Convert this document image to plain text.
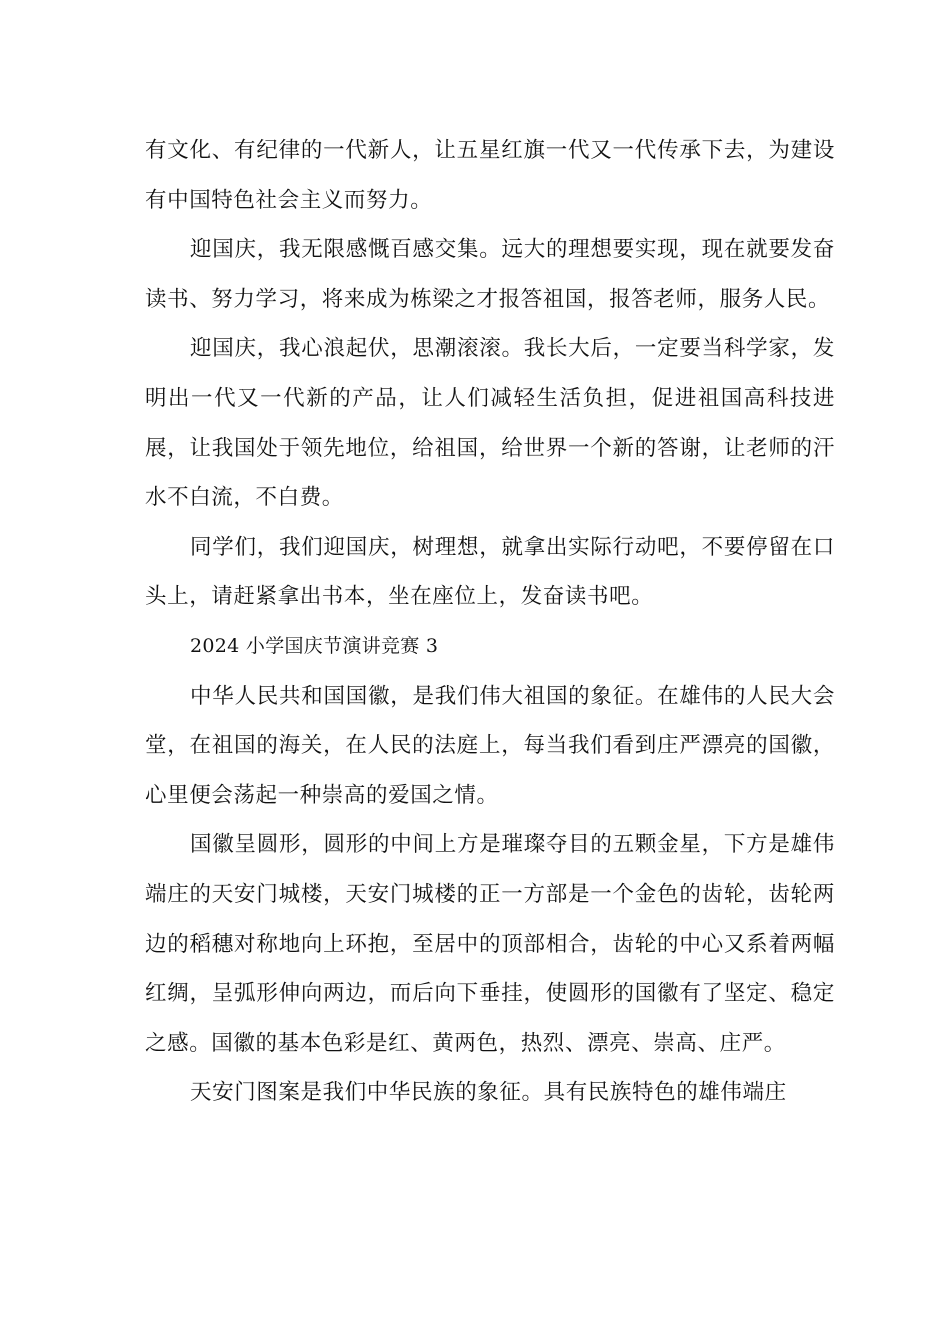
有文化、有纪律的一代新人，让五星红旗一代又一代传承下去，为建设有中国特色社会主义而努力。

迎国庆，我无限感慨百感交集。远大的理想要实现，现在就要发奋读书、努力学习，将来成为栋梁之才报答祖国，报答老师，服务人民。

迎国庆，我心浪起伏，思潮滚滚。我长大后，一定要当科学家，发明出一代又一代新的产品，让人们减轻生活负担，促进祖国高科技进展，让我国处于领先地位，给祖国，给世界一个新的答谢，让老师的汗水不白流，不白费。

同学们，我们迎国庆，树理想，就拿出实际行动吧，不要停留在口头上，请赶紧拿出书本，坐在座位上，发奋读书吧。

2024 小学国庆节演讲竞赛 3

中华人民共和国国徽，是我们伟大祖国的象征。在雄伟的人民大会堂，在祖国的海关，在人民的法庭上，每当我们看到庄严漂亮的国徽，心里便会荡起一种崇高的爱国之情。

国徽呈圆形，圆形的中间上方是璀璨夺目的五颗金星，下方是雄伟端庄的天安门城楼，天安门城楼的正一方部是一个金色的齿轮，齿轮两边的稻穗对称地向上环抱，至居中的顶部相合，齿轮的中心又系着两幅红绸，呈弧形伸向两边，而后向下垂挂，使圆形的国徽有了坚定、稳定之感。国徽的基本色彩是红、黄两色，热烈、漂亮、崇高、庄严。

天安门图案是我们中华民族的象征。具有民族特色的雄伟端庄
